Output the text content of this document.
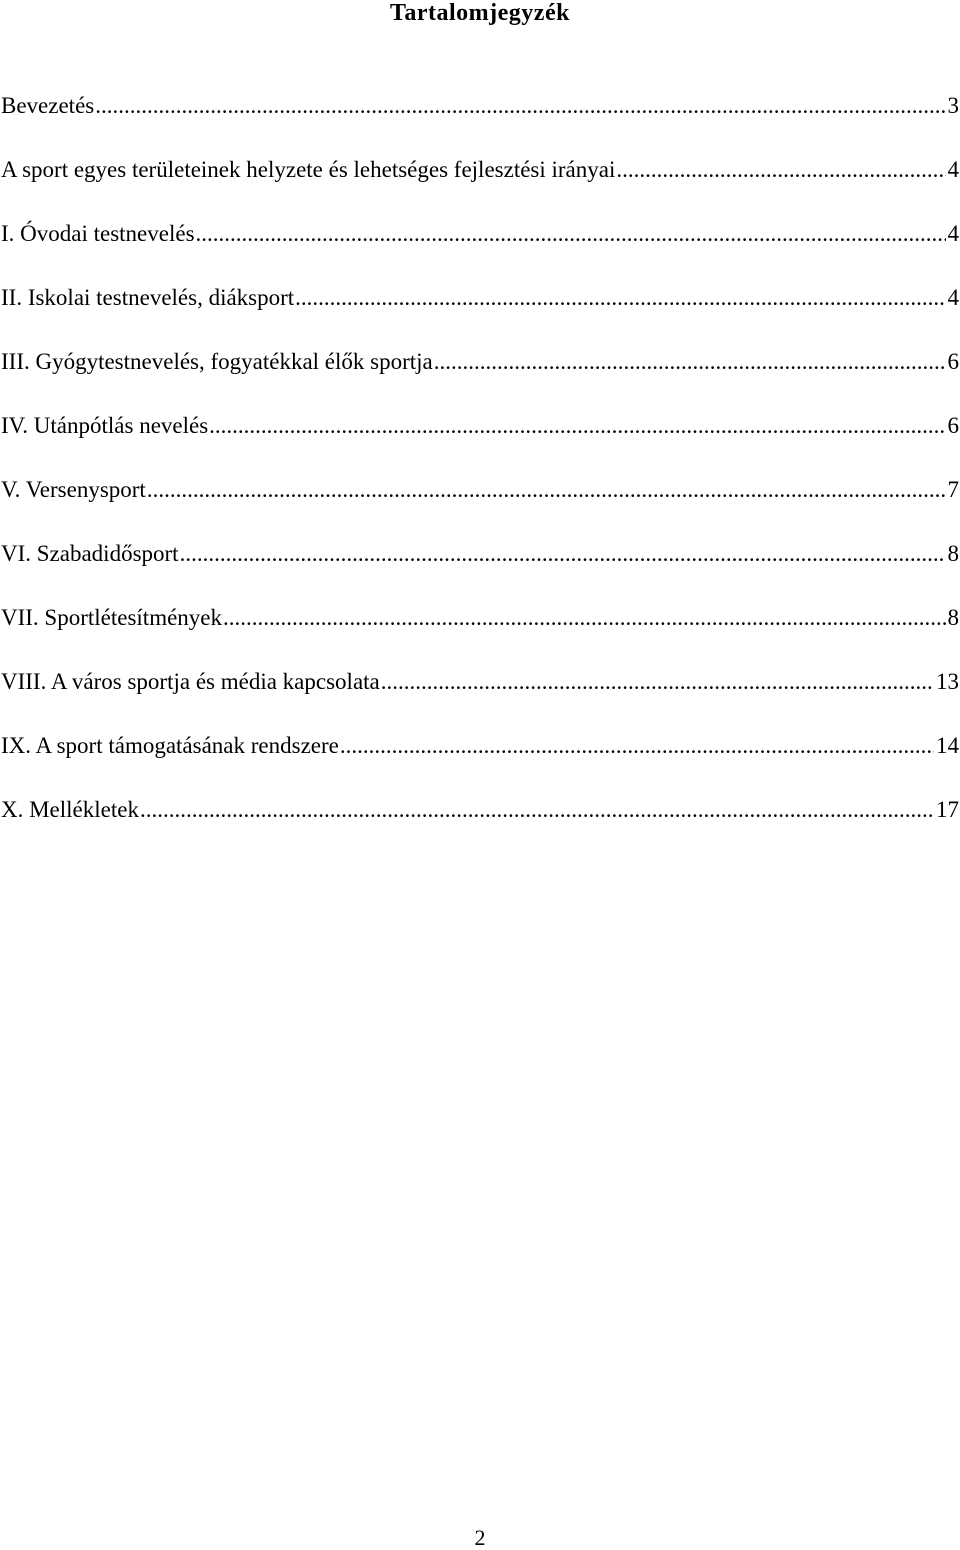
Tartalomjegyzék
Bevezetés .....	3
A sport egyes területeinek helyzete és lehetséges fejlesztési irányai .....	4
I. Óvodai testnevelés .....	4
II. Iskolai testnevelés, diáksport .....	4
III. Gyógytestnevelés, fogyatékkal élők sportja .....	6
IV. Utánpótlás nevelés .....	6
V. Versenysport .....	7
VI. Szabadidősport .....	8
VII. Sportlétesítmények .....	8
VIII. A város sportja és média kapcsolata .....	13
IX. A sport támogatásának rendszere .....	14
X. Mellékletek .....	17
2
